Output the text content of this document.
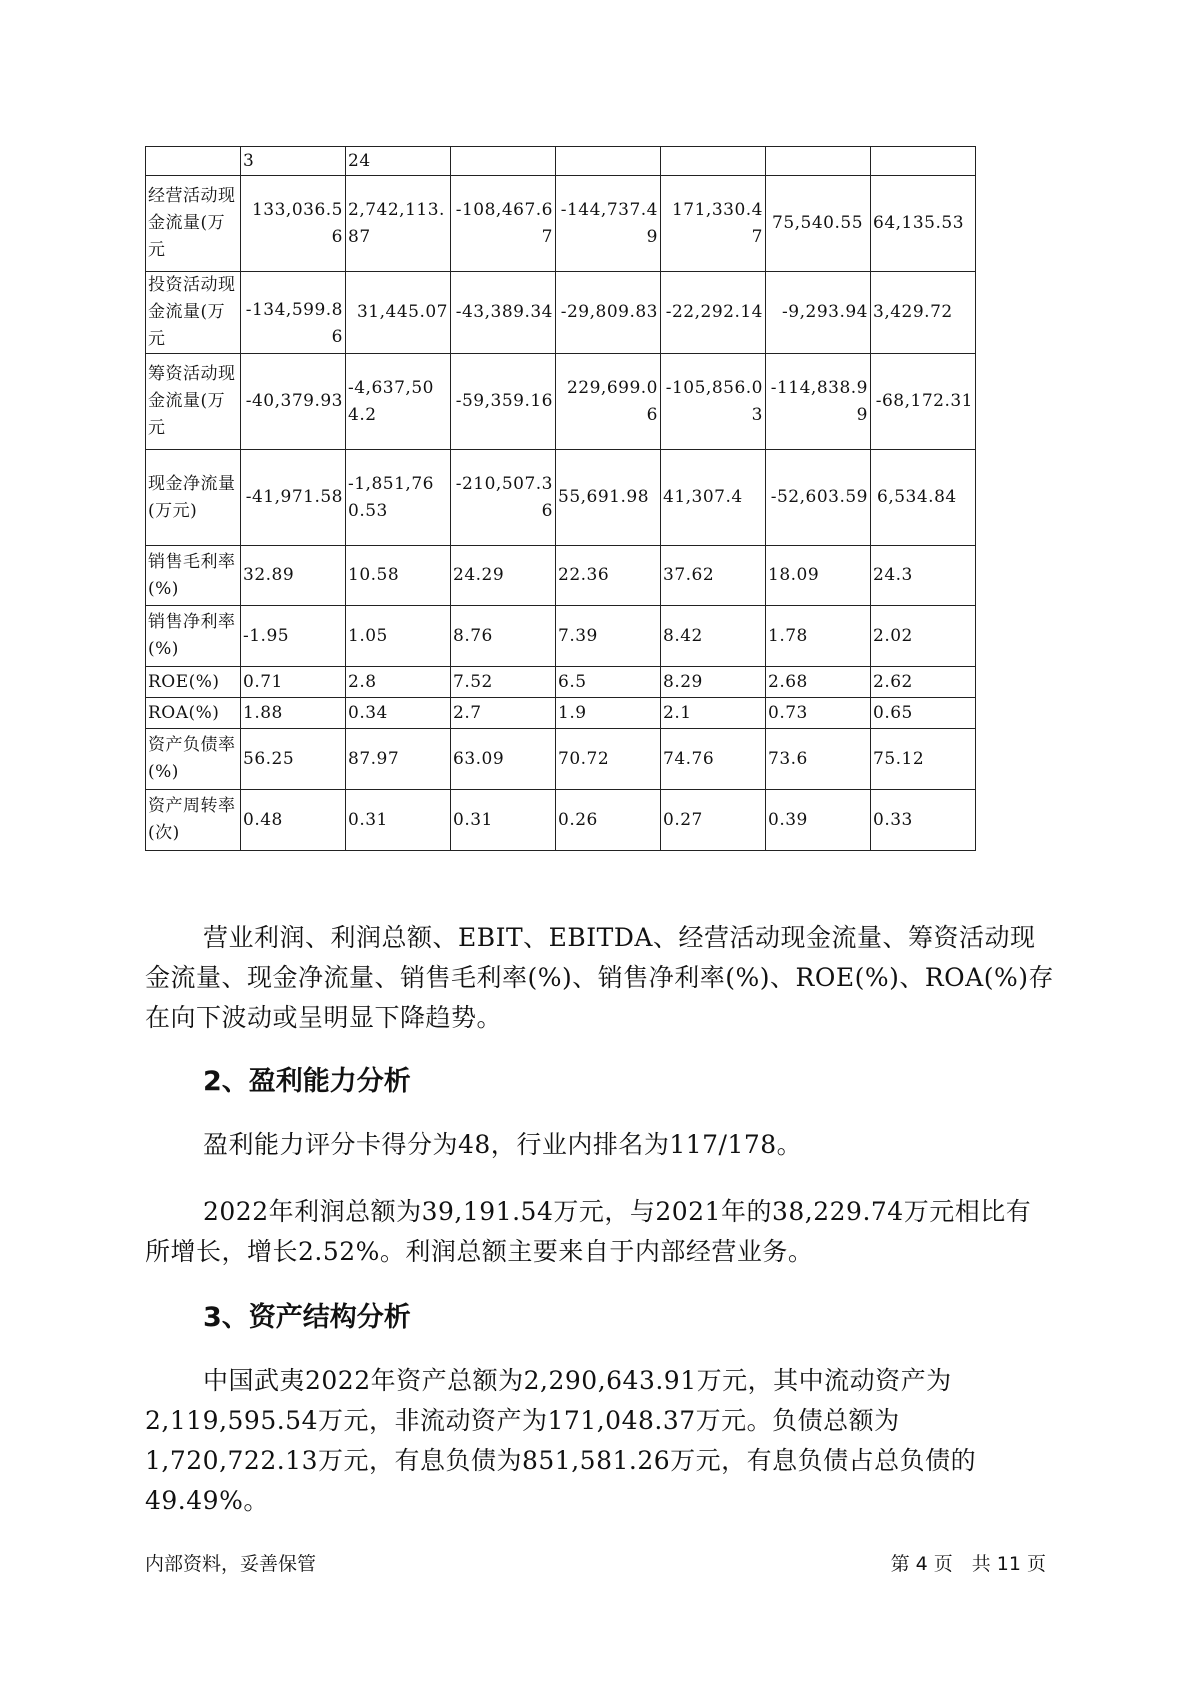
	3	24					
经营活动现金流量(万元	133,036.56	2,742,113.87	-108,467.67	-144,737.49	171,330.47	75,540.55	64,135.53
投资活动现金流量(万元	-134,599.86	31,445.07	-43,389.34	-29,809.83	-22,292.14	-9,293.94	3,429.72
筹资活动现金流量(万元	-40,379.93	-4,637,504.2	-59,359.16	229,699.06	-105,856.03	-114,838.99	-68,172.31
现金净流量(万元)	-41,971.58	-1,851,760.53	-210,507.36	55,691.98	41,307.4	-52,603.59	6,534.84
销售毛利率(%)	32.89	10.58	24.29	22.36	37.62	18.09	24.3
销售净利率(%)	-1.95	1.05	8.76	7.39	8.42	1.78	2.02
ROE(%)	0.71	2.8	7.52	6.5	8.29	2.68	2.62
ROA(%)	1.88	0.34	2.7	1.9	2.1	0.73	0.65
资产负债率(%)	56.25	87.97	63.09	70.72	74.76	73.6	75.12
资产周转率(次)	0.48	0.31	0.31	0.26	0.27	0.39	0.33

营业利润、利润总额、EBIT、EBITDA、经营活动现金流量、筹资活动现金流量、现金净流量、销售毛利率(%)、销售净利率(%)、ROE(%)、ROA(%)存在向下波动或呈明显下降趋势。

2、盈利能力分析

盈利能力评分卡得分为48，行业内排名为117/178。

2022年利润总额为39,191.54万元，与2021年的38,229.74万元相比有所增长，增长2.52%。利润总额主要来自于内部经营业务。

3、资产结构分析

中国武夷2022年资产总额为2,290,643.91万元，其中流动资产为2,119,595.54万元，非流动资产为171,048.37万元。负债总额为1,720,722.13万元，有息负债为851,581.26万元，有息负债占总负债的49.49%。

内部资料，妥善保管	第 4 页　共 11 页
